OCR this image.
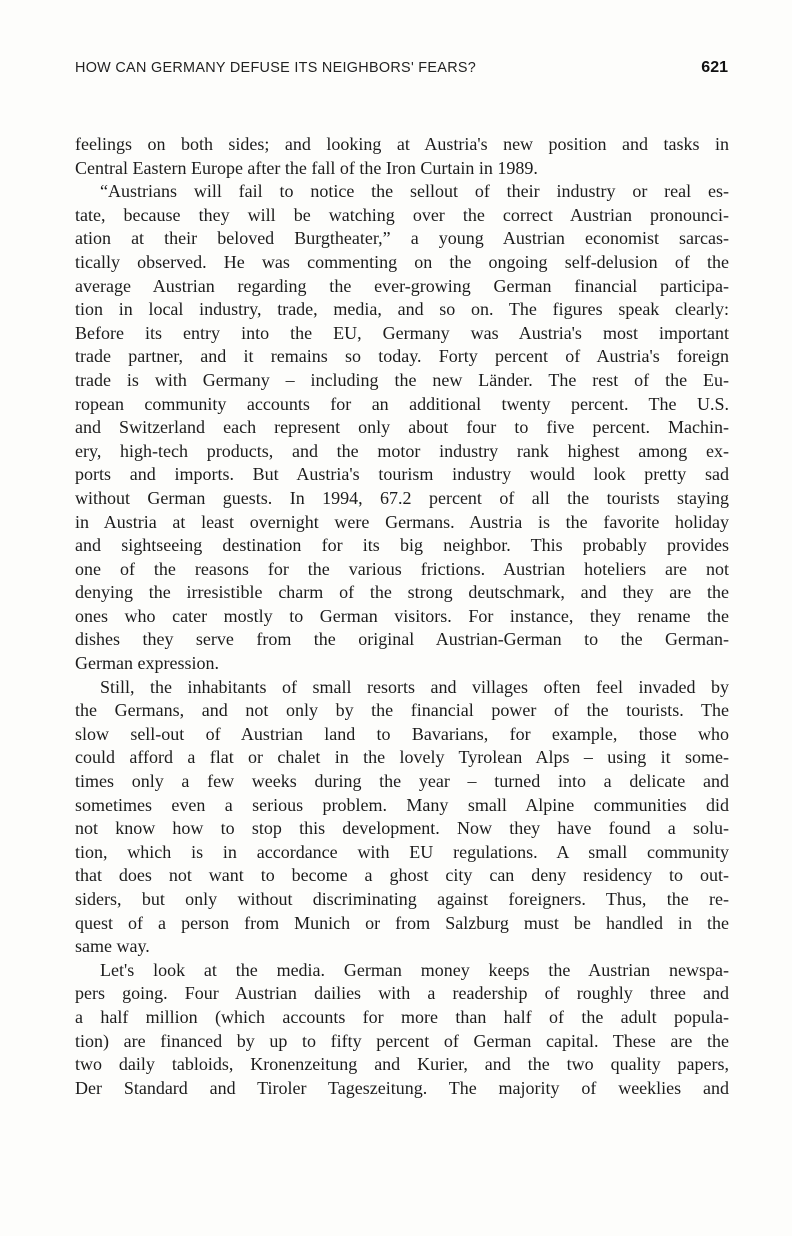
HOW CAN GERMANY DEFUSE ITS NEIGHBORS' FEARS?	621
feelings on both sides; and looking at Austria's new position and tasks in
Central Eastern Europe after the fall of the Iron Curtain in 1989.
“Austrians will fail to notice the sellout of their industry or real es-
tate, because they will be watching over the correct Austrian pronounci-
ation at their beloved Burgtheater,” a young Austrian economist sarcas-
tically observed. He was commenting on the ongoing self-delusion of the
average Austrian regarding the ever-growing German financial participa-
tion in local industry, trade, media, and so on. The figures speak clearly:
Before its entry into the EU, Germany was Austria's most important
trade partner, and it remains so today. Forty percent of Austria's foreign
trade is with Germany – including the new Länder. The rest of the Eu-
ropean community accounts for an additional twenty percent. The U.S.
and Switzerland each represent only about four to five percent. Machin-
ery, high-tech products, and the motor industry rank highest among ex-
ports and imports. But Austria's tourism industry would look pretty sad
without German guests. In 1994, 67.2 percent of all the tourists staying
in Austria at least overnight were Germans. Austria is the favorite holiday
and sightseeing destination for its big neighbor. This probably provides
one of the reasons for the various frictions. Austrian hoteliers are not
denying the irresistible charm of the strong deutschmark, and they are the
ones who cater mostly to German visitors. For instance, they rename the
dishes they serve from the original Austrian-German to the German-
German expression.
Still, the inhabitants of small resorts and villages often feel invaded by
the Germans, and not only by the financial power of the tourists. The
slow sell-out of Austrian land to Bavarians, for example, those who
could afford a flat or chalet in the lovely Tyrolean Alps – using it some-
times only a few weeks during the year – turned into a delicate and
sometimes even a serious problem. Many small Alpine communities did
not know how to stop this development. Now they have found a solu-
tion, which is in accordance with EU regulations. A small community
that does not want to become a ghost city can deny residency to out-
siders, but only without discriminating against foreigners. Thus, the re-
quest of a person from Munich or from Salzburg must be handled in the
same way.
Let's look at the media. German money keeps the Austrian newspa-
pers going. Four Austrian dailies with a readership of roughly three and
a half million (which accounts for more than half of the adult popula-
tion) are financed by up to fifty percent of German capital. These are the
two daily tabloids, Kronenzeitung and Kurier, and the two quality papers,
Der Standard and Tiroler Tageszeitung. The majority of weeklies and
